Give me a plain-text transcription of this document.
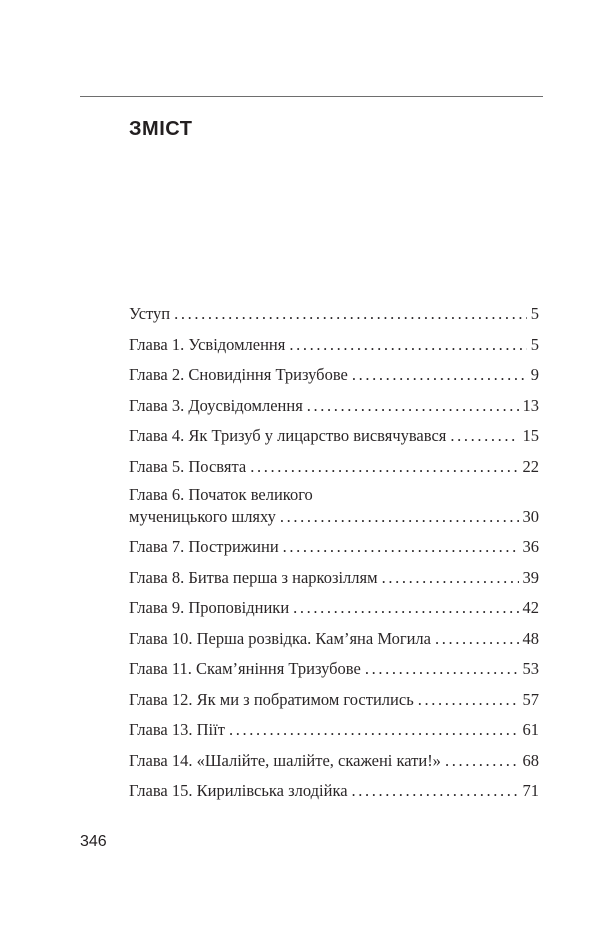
ЗМІСТ
Уступ . . .	5
Глава 1. Усвідомлення . . .	5
Глава 2. Сновидіння Тризубове . . .	9
Глава 3. Доусвідомлення . . .	13
Глава 4. Як Тризуб у лицарство висвячувався . . .	15
Глава 5. Посвята . . .	22
Глава 6. Початок великого
мученицького шляху . . .	30
Глава 7. Пострижини . . .	36
Глава 8. Битва перша з наркозіллям . . .	39
Глава 9. Проповідники . . .	42
Глава 10. Перша розвідка. Кам’яна Могила . . .	48
Глава 11. Скам’яніння Тризубове . . .	53
Глава 12. Як ми з побратимом гостились . . .	57
Глава 13. Піїт . . .	61
Глава 14. «Шалійте, шалійте, скажені кати!» . . .	68
Глава 15. Кирилівська злодійка . . .	71

346
